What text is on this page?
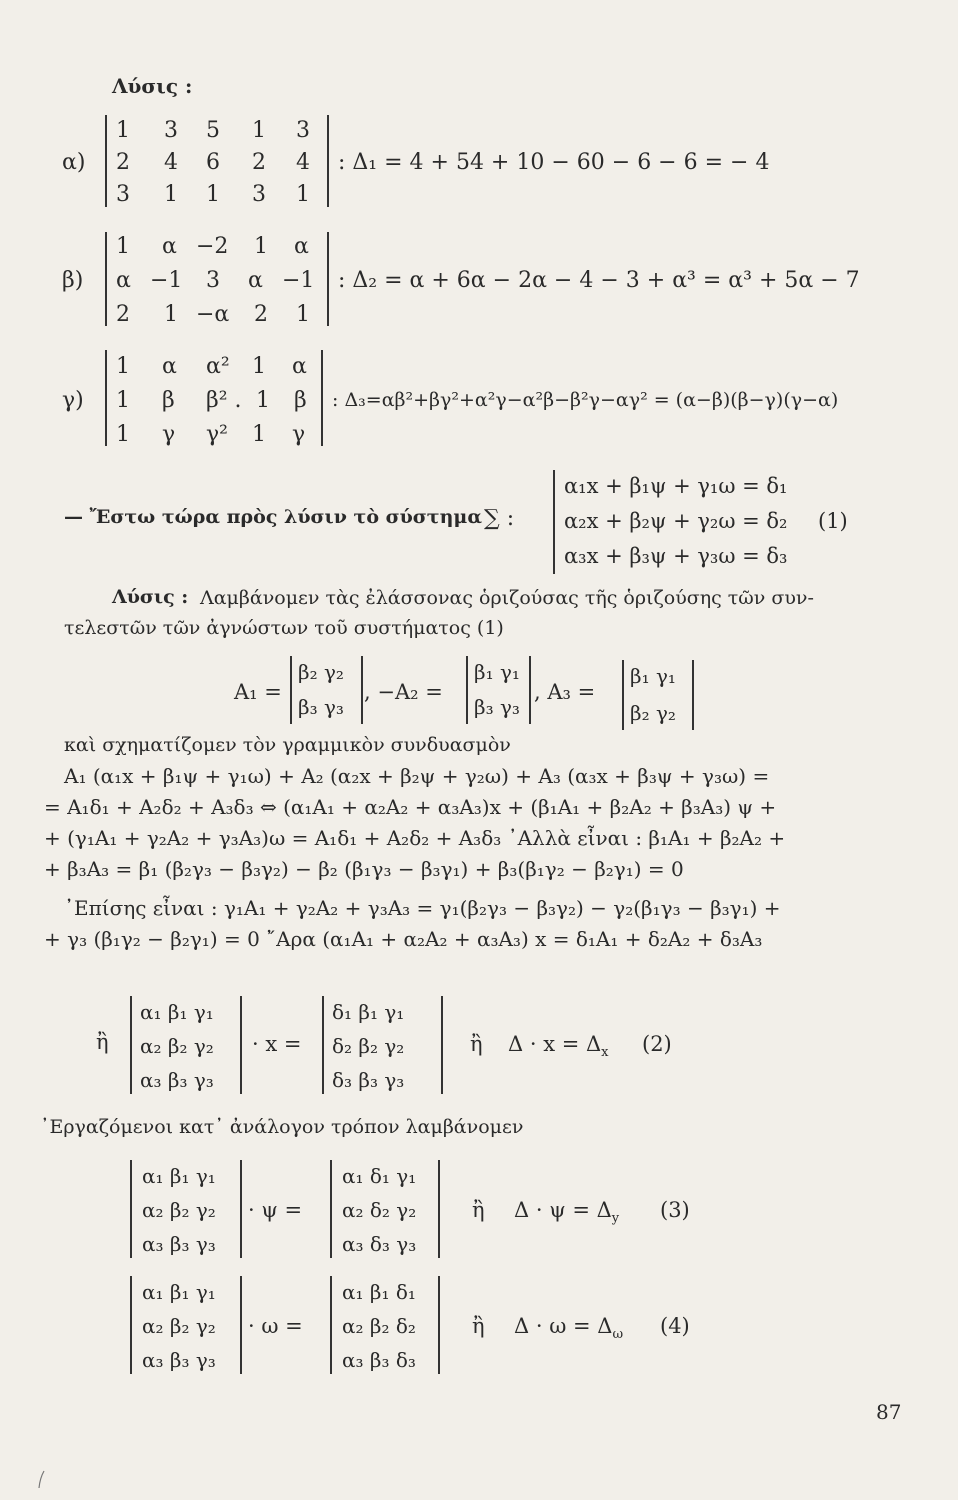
Λύσις :
α)
1 3 5 1 3
2 4 6 2 4
3 1 1 3 1
: Δ₁ = 4 + 54 + 10 − 60 − 6 − 6 = − 4
β)
1 α −2 1 α
α −1 3 α −1
2 1 −α 2 1
: Δ₂ = α + 6α − 2α − 4 − 3 + α³ = α³ + 5α − 7
γ)
1 α α² 1 α
1 β β² . 1 β
1 γ γ² 1 γ
: Δ₃=αβ²+βγ²+α²γ−α²β−β²γ−αγ² = (α−β)(β−γ)(γ−α)
— Ἔστω τώρα πρὸς λύσιν τὸ σύστημα ∑ :
α₁x + β₁ψ + γ₁ω = δ₁
α₂x + β₂ψ + γ₂ω = δ₂
α₃x + β₃ψ + γ₃ω = δ₃
(1)
Λύσις : Λαμβάνομεν τὰς ἐλάσσονας ὁριζούσας τῆς ὁριζούσης τῶν συν-
τελεστῶν τῶν ἀγνώστων τοῦ συστήματος (1)
A₁ =
β₂ γ₂
β₃ γ₃
, −A₂ =
β₁ γ₁
β₃ γ₃
, A₃ =
β₁ γ₁
β₂ γ₂
καὶ σχηματίζομεν τὸν γραμμικὸν συνδυασμὸν
A₁ (α₁x + β₁ψ + γ₁ω) + A₂ (α₂x + β₂ψ + γ₂ω) + A₃ (α₃x + β₃ψ + γ₃ω) =
= A₁δ₁ + A₂δ₂ + A₃δ₃ ⇔ (α₁A₁ + α₂A₂ + α₃A₃)x + (β₁A₁ + β₂A₂ + β₃A₃) ψ +
+ (γ₁A₁ + γ₂A₂ + γ₃A₃)ω = A₁δ₁ + A₂δ₂ + A₃δ₃ ᾿Αλλὰ εἶναι : β₁A₁ + β₂A₂ +
+ β₃A₃ = β₁ (β₂γ₃ − β₃γ₂) − β₂ (β₁γ₃ − β₃γ₁) + β₃(β₁γ₂ − β₂γ₁) = 0
᾿Επίσης εἶναι : γ₁A₁ + γ₂A₂ + γ₃A₃ = γ₁(β₂γ₃ − β₃γ₂) − γ₂(β₁γ₃ − β₃γ₁) +
+ γ₃ (β₁γ₂ − β₂γ₁) = 0 ῎Αρα (α₁A₁ + α₂A₂ + α₃A₃) x = δ₁A₁ + δ₂A₂ + δ₃A₃
ἢ
α₁ β₁ γ₁
α₂ β₂ γ₂
α₃ β₃ γ₃
· x =
δ₁ β₁ γ₁
δ₂ β₂ γ₂
δ₃ β₃ γ₃
ἢ $\Delta \cdot x = \Delta_x$ (2)
᾿Εργαζόμενοι κατ᾿ ἀνάλογον τρόπον λαμβάνομεν
α₁ β₁ γ₁
α₂ β₂ γ₂
α₃ β₃ γ₃
· ψ =
α₁ δ₁ γ₁
α₂ δ₂ γ₂
α₃ δ₃ γ₃
ἢ $\Delta \cdot \psi = \Delta_y$ (3)
α₁ β₁ γ₁
α₂ β₂ γ₂
α₃ β₃ γ₃
· ω =
α₁ β₁ δ₁
α₂ β₂ δ₂
α₃ β₃ δ₃
ἢ $\Delta \cdot \omega = \Delta_\omega$ (4)
87
